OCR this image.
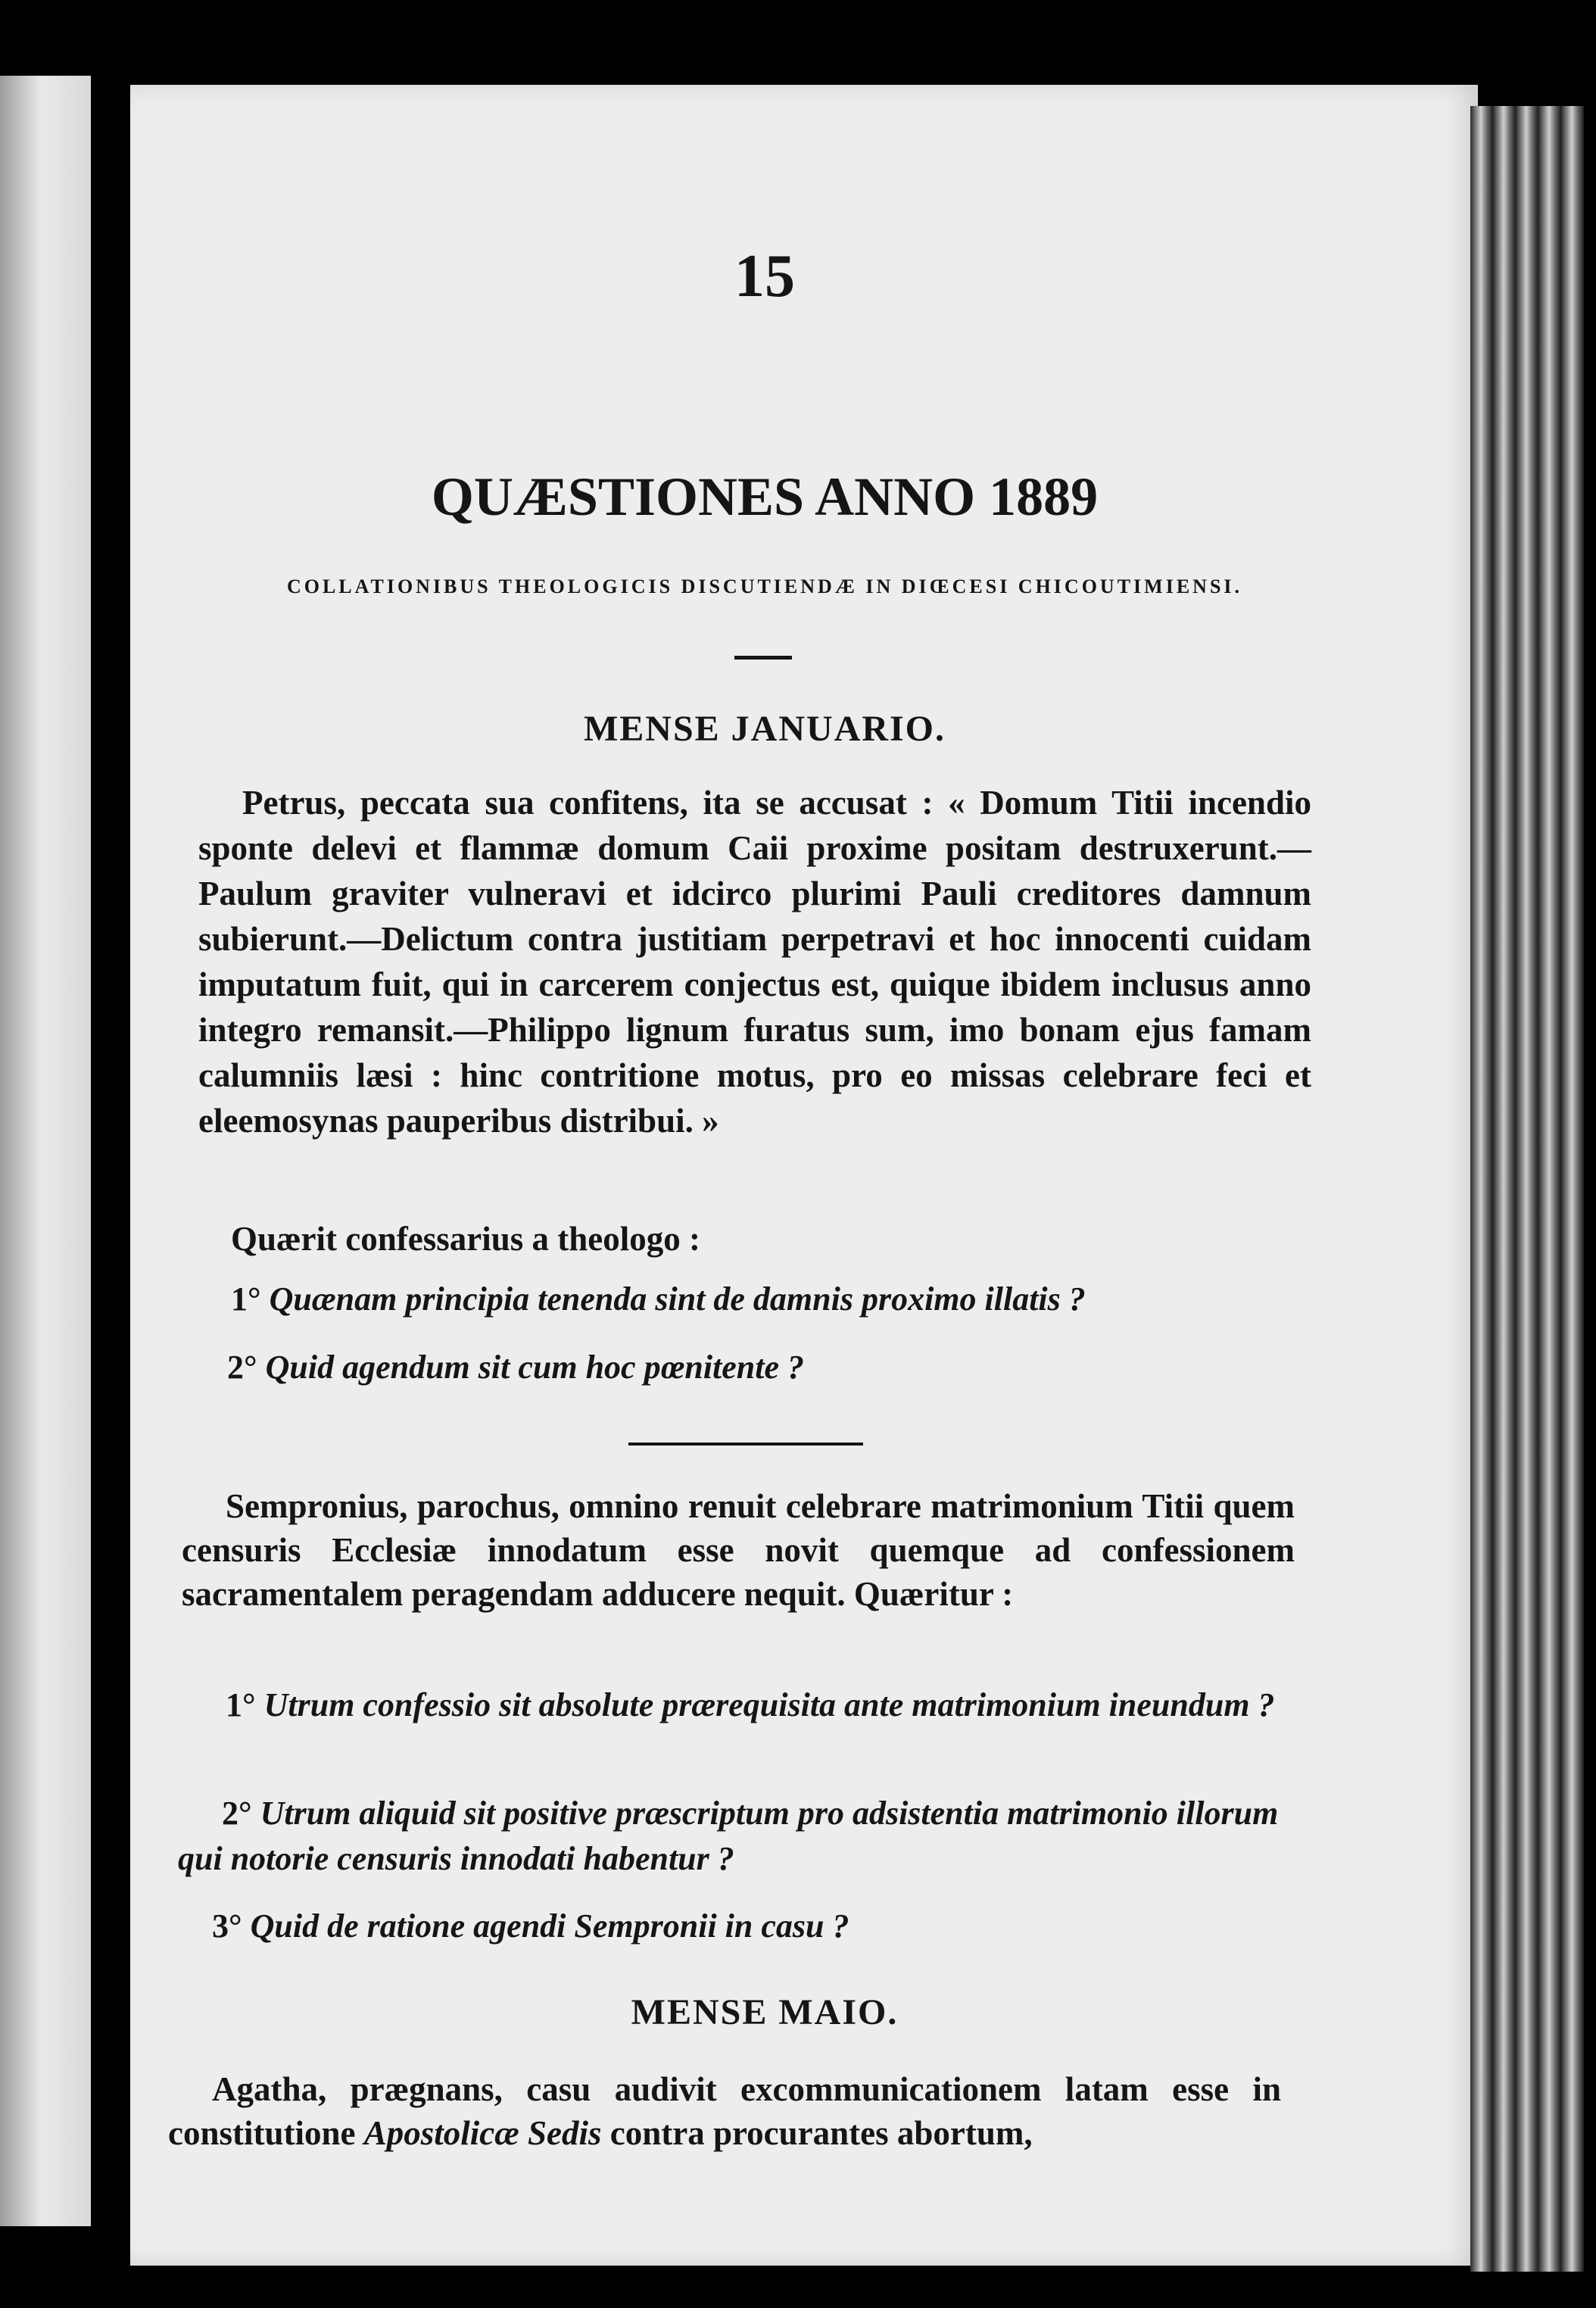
15

QUÆSTIONES ANNO 1889

COLLATIONIBUS THEOLOGICIS DISCUTIENDÆ IN DIŒCESI CHICOUTIMIENSI.

MENSE JANUARIO.

Petrus, peccata sua confitens, ita se accusat : « Domum Titii incendio sponte delevi et flammæ domum Caii proxime positam destruxerunt.—Paulum graviter vulneravi et idcirco plurimi Pauli creditores damnum subierunt.—Delictum contra justitiam perpetravi et hoc innocenti cuidam imputatum fuit, qui in carcerem conjectus est, quique ibidem inclusus anno integro remansit.—Philippo lignum furatus sum, imo bonam ejus famam calumniis læsi : hinc contritione motus, pro eo missas celebrare feci et eleemosynas pauperibus distribui. »

Quærit confessarius a theologo :

1° Quænam principia tenenda sint de damnis proximo illatis ?

2° Quid agendum sit cum hoc pœnitente ?

Sempronius, parochus, omnino renuit celebrare matrimonium Titii quem censuris Ecclesiæ innodatum esse novit quemque ad confessionem sacramentalem peragendam adducere nequit. Quæritur :

1° Utrum confessio sit absolute prærequisita ante matrimonium ineundum ?

2° Utrum aliquid sit positive præscriptum pro adsistentia matrimonio illorum qui notorie censuris innodati habentur ?

3° Quid de ratione agendi Sempronii in casu ?

MENSE MAIO.

Agatha, prægnans, casu audivit excommunicationem latam esse in constitutione Apostolicæ Sedis contra procurantes abortum,
